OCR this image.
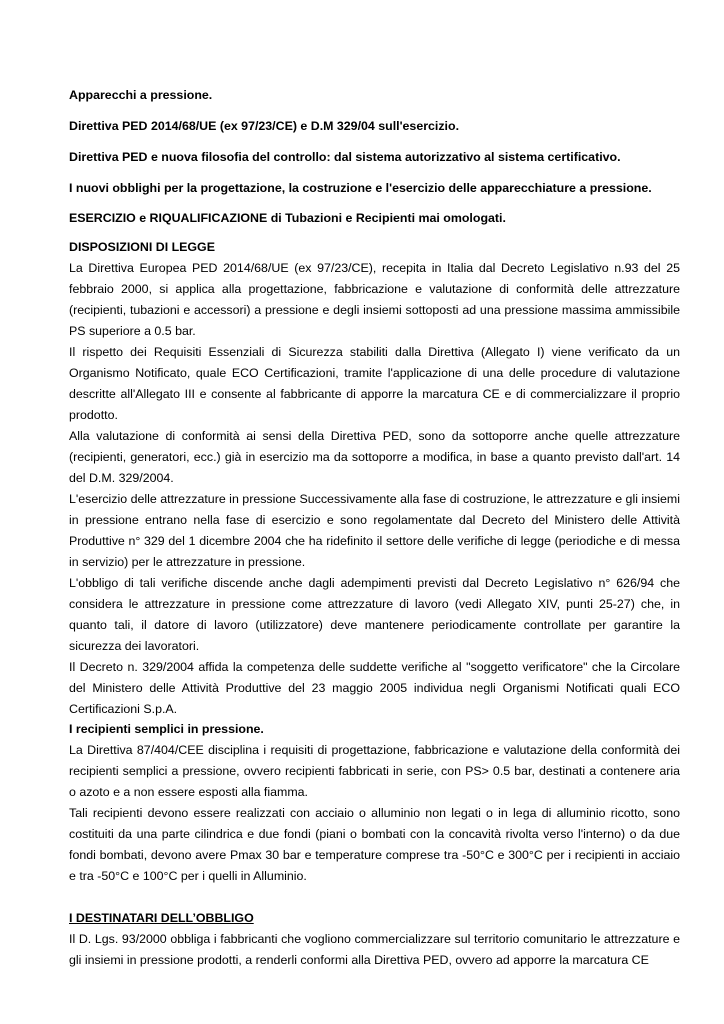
Apparecchi a pressione.
Direttiva PED 2014/68/UE (ex 97/23/CE) e D.M 329/04 sull'esercizio.
Direttiva PED e nuova filosofia del controllo: dal sistema autorizzativo al sistema certificativo.
I nuovi obblighi per la progettazione, la costruzione e l'esercizio delle apparecchiature a pressione.
ESERCIZIO e RIQUALIFICAZIONE di Tubazioni e Recipienti mai omologati.
DISPOSIZIONI DI LEGGE

La Direttiva Europea PED 2014/68/UE (ex 97/23/CE), recepita in Italia dal Decreto Legislativo n.93 del 25 febbraio 2000, si applica alla progettazione, fabbricazione e valutazione di conformità delle attrezzature (recipienti, tubazioni e accessori) a pressione e degli insiemi sottoposti ad una pressione massima ammissibile PS superiore a 0.5 bar.

Il rispetto dei Requisiti Essenziali di Sicurezza stabiliti dalla Direttiva (Allegato I) viene verificato da un Organismo Notificato, quale ECO Certificazioni, tramite l'applicazione di una delle procedure di valutazione descritte all'Allegato III e consente al fabbricante di apporre la marcatura CE e di commercializzare il proprio prodotto.

Alla valutazione di conformità ai sensi della Direttiva PED, sono da sottoporre anche quelle attrezzature (recipienti, generatori, ecc.) già in esercizio ma da sottoporre a modifica, in base a quanto previsto dall'art. 14 del D.M. 329/2004.

L'esercizio delle attrezzature in pressione Successivamente alla fase di costruzione, le attrezzature e gli insiemi in pressione entrano nella fase di esercizio e sono regolamentate dal Decreto del Ministero delle Attività Produttive n° 329 del 1 dicembre 2004 che ha ridefinito il settore delle verifiche di legge (periodiche e di messa in servizio) per le attrezzature in pressione.

L'obbligo di tali verifiche discende anche dagli adempimenti previsti dal Decreto Legislativo n° 626/94 che considera le attrezzature in pressione come attrezzature di lavoro (vedi Allegato XIV, punti 25-27) che, in quanto tali, il datore di lavoro (utilizzatore) deve mantenere periodicamente controllate per garantire la sicurezza dei lavoratori.

Il Decreto n. 329/2004 affida la competenza delle suddette verifiche al "soggetto verificatore" che la Circolare del Ministero delle Attività Produttive del 23 maggio 2005 individua negli Organismi Notificati quali ECO Certificazioni S.p.A.

I recipienti semplici in pressione.

La Direttiva 87/404/CEE disciplina i requisiti di progettazione, fabbricazione e valutazione della conformità dei recipienti semplici a pressione, ovvero recipienti fabbricati in serie, con PS> 0.5 bar, destinati a contenere aria o azoto e a non essere esposti alla fiamma.

Tali recipienti devono essere realizzati con acciaio o alluminio non legati o in lega di alluminio ricotto, sono costituiti da una parte cilindrica e due fondi (piani o bombati con la concavità rivolta verso l'interno) o da due fondi bombati, devono avere Pmax 30 bar e temperature comprese tra -50°C e 300°C per i recipienti in acciaio e tra -50°C e 100°C per i quelli in Alluminio.

I DESTINATARI DELL’OBBLIGO

Il D. Lgs. 93/2000 obbliga i fabbricanti che vogliono commercializzare sul territorio comunitario le attrezzature e gli insiemi in pressione prodotti, a renderli conformi alla Direttiva PED, ovvero ad apporre la marcatura CE
